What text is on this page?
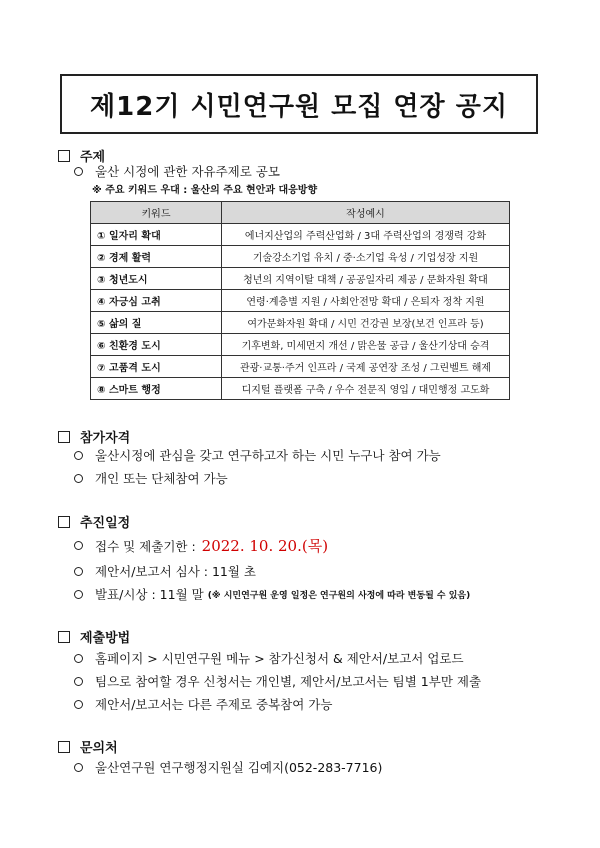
제12기 시민연구원 모집 연장 공지
주제
울산 시정에 관한 자유주제로 공모
※ 주요 키워드 우대 : 울산의 주요 현안과 대응방향
키워드	작성예시
① 일자리 확대	에너지산업의 주력산업화 / 3대 주력산업의 경쟁력 강화
② 경제 활력	기술강소기업 유치 / 중·소기업 육성 / 기업성장 지원
③ 청년도시	청년의 지역이탈 대책 / 공공일자리 제공 / 문화자원 확대
④ 자긍심 고취	연령·계층별 지원 / 사회안전망 확대 / 은퇴자 정착 지원
⑤ 삶의 질	여가문화자원 확대 / 시민 건강권 보장(보건 인프라 등)
⑥ 친환경 도시	기후변화, 미세먼지 개선 / 맑은물 공급 / 울산기상대 승격
⑦ 고품격 도시	관광·교통·주거 인프라 / 국제 공연장 조성 / 그린벨트 해제
⑧ 스마트 행정	디지털 플랫폼 구축 / 우수 전문직 영입 / 대민행정 고도화
참가자격
울산시정에 관심을 갖고 연구하고자 하는 시민 누구나 참여 가능
개인 또는 단체참여 가능
추진일정
접수 및 제출기한 : 2022. 10. 20.(목)
제안서/보고서 심사 : 11월 초
발표/시상 : 11월 말 (※ 시민연구원 운영 일정은 연구원의 사정에 따라 변동될 수 있음)
제출방법
홈페이지 > 시민연구원 메뉴 > 참가신청서 & 제안서/보고서 업로드
팀으로 참여할 경우 신청서는 개인별, 제안서/보고서는 팀별 1부만 제출
제안서/보고서는 다른 주제로 중복참여 가능
문의처
울산연구원 연구행정지원실 김예지(052-283-7716)
